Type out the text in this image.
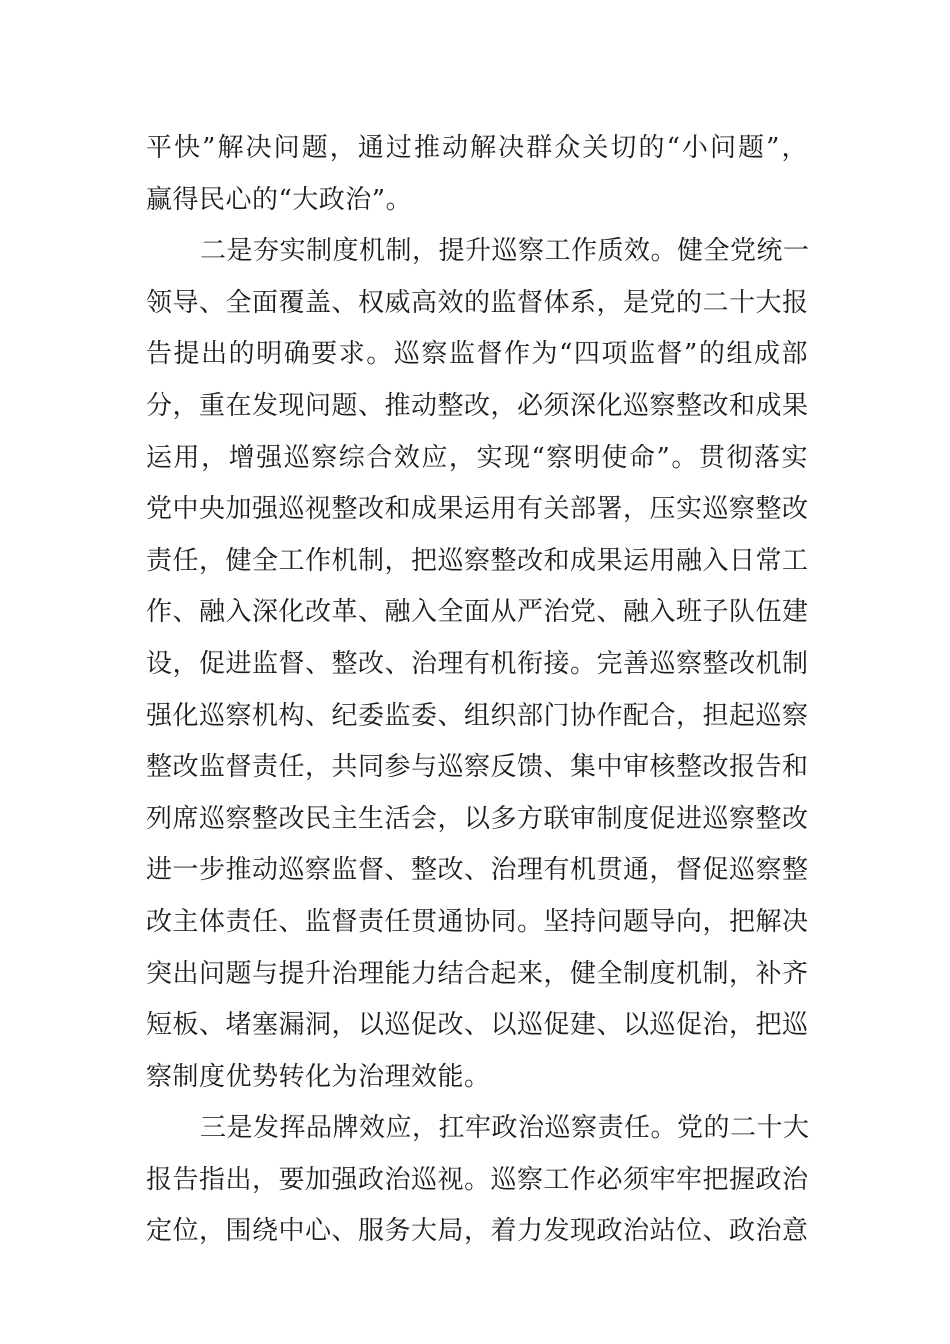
平快”解决问题，通过推动解决群众关切的“小问题”，
赢得民心的“大政治”。
二是夯实制度机制，提升巡察工作质效。健全党统一
领导、全面覆盖、权威高效的监督体系，是党的二十大报
告提出的明确要求。巡察监督作为“四项监督”的组成部
分，重在发现问题、推动整改，必须深化巡察整改和成果
运用，增强巡察综合效应，实现“察明使命”。贯彻落实
党中央加强巡视整改和成果运用有关部署，压实巡察整改
责任，健全工作机制，把巡察整改和成果运用融入日常工
作、融入深化改革、融入全面从严治党、融入班子队伍建
设，促进监督、整改、治理有机衔接。完善巡察整改机制
强化巡察机构、纪委监委、组织部门协作配合，担起巡察
整改监督责任，共同参与巡察反馈、集中审核整改报告和
列席巡察整改民主生活会，以多方联审制度促进巡察整改
进一步推动巡察监督、整改、治理有机贯通，督促巡察整
改主体责任、监督责任贯通协同。坚持问题导向，把解决
突出问题与提升治理能力结合起来，健全制度机制，补齐
短板、堵塞漏洞，以巡促改、以巡促建、以巡促治，把巡
察制度优势转化为治理效能。
三是发挥品牌效应，扛牢政治巡察责任。党的二十大
报告指出，要加强政治巡视。巡察工作必须牢牢把握政治
定位，围绕中心、服务大局，着力发现政治站位、政治意
